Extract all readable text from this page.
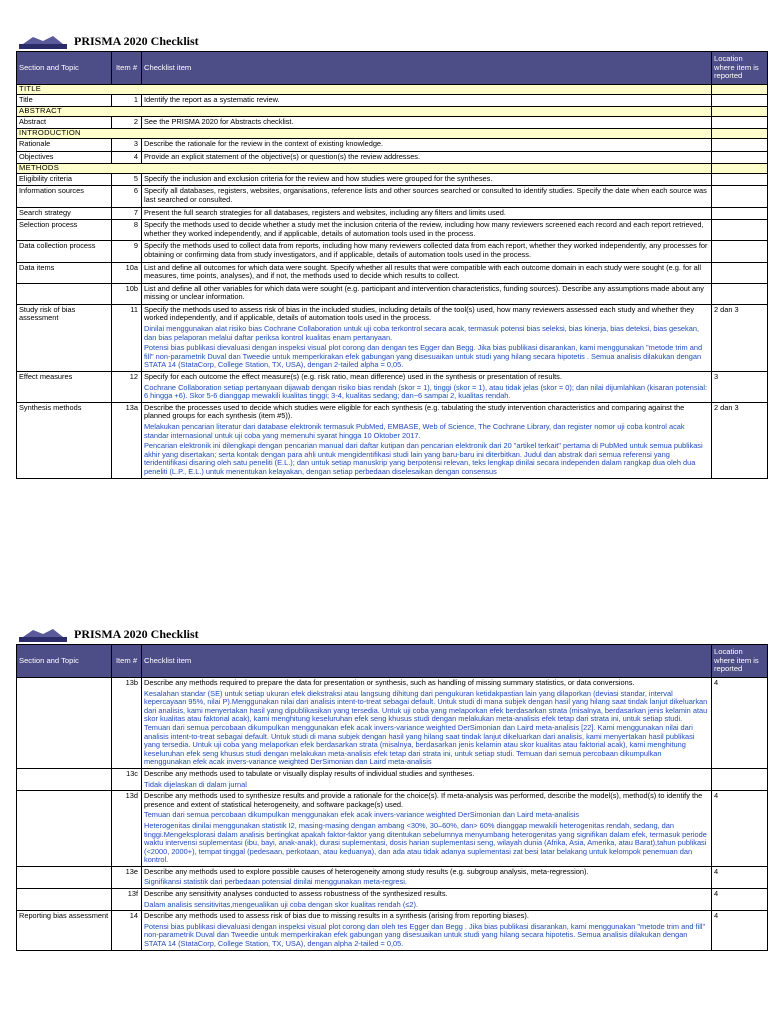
PRISMA 2020 Checklist
Section and Topic	Item #	Checklist item	Location where item is reported
TITLE			
Title	1	Identify the report as a systematic review.	

ABSTRACT			
Abstract	2	See the PRISMA 2020 for Abstracts checklist.	

INTRODUCTION			
Rationale	3	Describe the rationale for the review in the context of existing knowledge.	

Objectives	4	Provide an explicit statement of the objective(s) or question(s) the review addresses.	

METHODS			
Eligibility criteria	5	Specify the inclusion and exclusion criteria for the review and how studies were grouped for the syntheses.	

Information sources	6	Specify all databases, registers, websites, organisations, reference lists and other sources searched or consulted to identify studies. Specify the date when each source was last searched or consulted.	

Search strategy	7	Present the full search strategies for all databases, registers and websites, including any filters and limits used.	

Selection process	8	Specify the methods used to decide whether a study met the inclusion criteria of the review, including how many reviewers screened each record and each report retrieved, whether they worked independently, and if applicable, details of automation tools used in the process.	

Data collection process	9	Specify the methods used to collect data from reports, including how many reviewers collected data from each report, whether they worked independently, any processes for obtaining or confirming data from study investigators, and if applicable, details of automation tools used in the process.	

Data items	10a	List and define all outcomes for which data were sought. Specify whether all results that were compatible with each outcome domain in each study were sought (e.g. for all measures, time points, analyses), and if not, the methods used to decide which results to collect.	

	10b	List and define all other variables for which data were sought (e.g. participant and intervention characteristics, funding sources). Describe any assumptions made about any missing or unclear information.	

Study risk of bias assessment	11	Specify the methods used to assess risk of bias in the included studies, including details of the tool(s) used, how many reviewers assessed each study and whether they worked independently, and if applicable, details of automation tools used in the process.
Dinilai menggunakan alat risiko bias Cochrane Collaboration untuk uji coba terkontrol secara acak, termasuk potensi bias seleksi, bias kinerja, bias deteksi, bias gesekan, dan bias pelaporan melalui daftar periksa kontrol kualitas enam pertanyaan.
Potensi bias publikasi dievaluasi dengan inspeksi visual plot corong dan dengan tes Egger dan Begg. Jika bias publikasi disarankan, kami menggunakan "metode trim and fill" non-parametrik Duval dan Tweedie untuk memperkirakan efek gabungan yang disesuaikan untuk studi yang hilang secara hipotetis . Semua analisis dilakukan dengan STATA 14 (StataCorp, College Station, TX, USA), dengan 2-tailed alpha = 0,05.	2 dan 3
Effect measures	12	Specify for each outcome the effect measure(s) (e.g. risk ratio, mean difference) used in the synthesis or presentation of results.
Cochrane Collaboration setiap pertanyaan dijawab dengan risiko bias rendah (skor = 1), tinggi (skor = 1), atau tidak jelas (skor = 0); dan nilai dijumlahkan (kisaran potensial: 6 hingga +6). Skor 5-6 dianggap mewakili kualitas tinggi; 3-4, kualitas sedang; dan−6 sampai 2, kualitas rendah.	3
Synthesis methods	13a	Describe the processes used to decide which studies were eligible for each synthesis (e.g. tabulating the study intervention characteristics and comparing against the planned groups for each synthesis (item #5)).
Melakukan pencarian literatur dari database elektronik termasuk PubMed, EMBASE, Web of Science, The Cochrane Library, dan register nomor uji coba kontrol acak standar internasional untuk uji coba yang memenuhi syarat hingga 10 Oktober 2017.
Pencarian elektronik ini dilengkapi dengan pencarian manual dari daftar kutipan dan pencarian elektronik dari 20 "artikel terkait" pertama di PubMed untuk semua publikasi akhir yang disertakan; serta kontak dengan para ahli untuk mengidentifikasi studi lain yang baru-baru ini diterbitkan. Judul dan abstrak dari semua referensi yang teridentifikasi disaring oleh satu peneliti (E.L.); dan untuk setiap manuskrip yang berpotensi relevan, teks lengkap dinilai secara independen dalam rangkap dua oleh dua peneliti (L.P., E.L.) untuk menentukan kelayakan, dengan setiap perbedaan diselesaikan dengan consensus	2 dan 3
PRISMA 2020 Checklist
Section and Topic	Item #	Checklist item	Location where item is reported
	13b	Describe any methods required to prepare the data for presentation or synthesis, such as handling of missing summary statistics, or data conversions.
Kesalahan standar (SE) untuk setiap ukuran efek diekstraksi atau langsung dihitung dari pengukuran ketidakpastian lain yang dilaporkan (deviasi standar, interval kepercayaan 95%, nilai P).Menggunakan nilai dari analisis intent-to-treat sebagai default. Untuk studi di mana subjek dengan hasil yang hilang saat tindak lanjut dikeluarkan dari analisis, kami menyertakan hasil yang dipublikasikan yang tersedia. Untuk uji coba yang melaporkan efek berdasarkan strata (misalnya, berdasarkan jenis kelamin atau skor kualitas atau faktorial acak), kami menghitung keseluruhan efek seng khusus studi dengan melakukan meta-analisis efek tetap dari strata ini, untuk setiap studi. Temuan dari semua percobaan dikumpulkan menggunakan efek acak invers-variance weighted DerSimonian dan Laird meta-analisis [22]. Kami menggunakan nilai dari analisis intent-to-treat sebagai default. Untuk studi di mana subjek dengan hasil yang hilang saat tindak lanjut dikeluarkan dari analisis, kami menyertakan hasil publikasi yang tersedia. Untuk uji coba yang melaporkan efek berdasarkan strata (misalnya, berdasarkan jenis kelamin atau skor kualitas atau faktorial acak), kami menghitung keseluruhan efek seng khusus studi dengan melakukan meta-analisis efek tetap dari strata ini, untuk setiap studi. Temuan dari semua percobaan dikumpulkan menggunakan efek acak invers-variance weighted DerSimonian dan Laird meta-analisis	4
	13c	Describe any methods used to tabulate or visually display results of individual studies and syntheses.
Tidak dijelaskan di dalam jurnal	

	13d	Describe any methods used to synthesize results and provide a rationale for the choice(s). If meta-analysis was performed, describe the model(s), method(s) to identify the presence and extent of statistical heterogeneity, and software package(s) used.
Temuan dari semua percobaan dikumpulkan menggunakan efek acak invers-variance weighted DerSimonian dan Laird meta-analisis
Heterogenitas dinilai menggunakan statistik I2, masing-masing dengan ambang <30%, 30–60%, dan> 60% dianggap mewakili heterogenitas rendah, sedang, dan tinggi.Mengeksplorasi dalam analisis bertingkat apakah faktor-faktor yang ditentukan sebelumnya menyumbang heterogenitas yang signifikan dalam efek, termasuk periode waktu intervensi suplementasi (ibu, bayi, anak-anak), durasi suplementasi, dosis harian suplementasi seng, wilayah dunia (Afrika, Asia, Amerika, atau Barat),tahun publikasi (<2000, 2000+), tempat tinggal (pedesaan, perkotaan, atau keduanya), dan ada atau tidak adanya suplementasi zat besi latar belakang untuk kelompok penemuan dan kontrol.	4
	13e	Describe any methods used to explore possible causes of heterogeneity among study results (e.g. subgroup analysis, meta-regression).
Signifikansi statistik dari perbedaan potensial dinilai menggunakan meta-regresi.	4
	13f	Describe any sensitivity analyses conducted to assess robustness of the synthesized results.
Dalam analisis sensitivitas,mengeualikan uji coba dengan skor kualitas rendah (≤2).	4
Reporting bias assessment	14	Describe any methods used to assess risk of bias due to missing results in a synthesis (arising from reporting biases).
Potensi bias publikasi dievaluasi dengan inspeksi visual plot corong dan oleh tes Egger dan Begg . Jika bias publikasi disarankan, kami menggunakan "metode trim and fill" non-parametrik Duval dan Tweedie untuk memperkirakan efek gabungan yang disesuaikan untuk studi yang hilang secara hipotetis. Semua analisis dilakukan dengan STATA 14 (StataCorp, College Station, TX, USA), dengan alpha 2-tailed = 0,05.	4
